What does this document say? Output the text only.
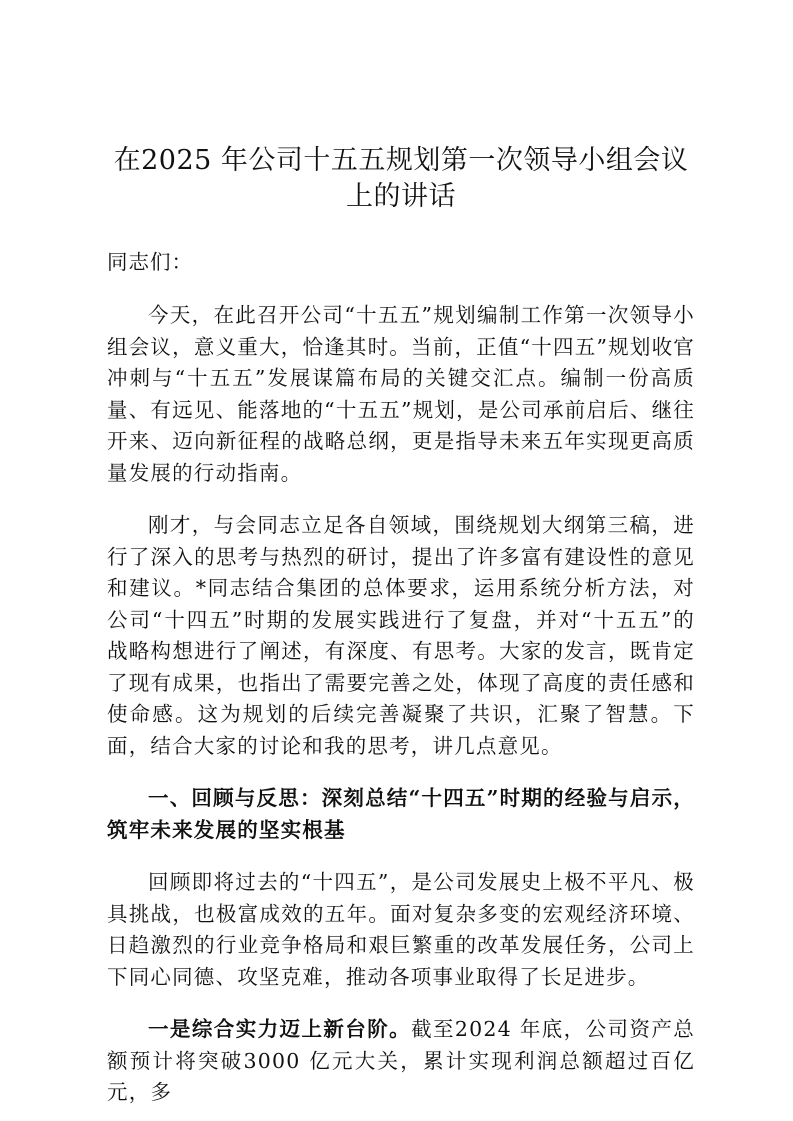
在2025 年公司十五五规划第一次领导小组会议上的讲话

同志们：

今天，在此召开公司“十五五”规划编制工作第一次领导小组会议，意义重大，恰逢其时。当前，正值“十四五”规划收官冲刺与“十五五”发展谋篇布局的关键交汇点。编制一份高质量、有远见、能落地的“十五五”规划，是公司承前启后、继往开来、迈向新征程的战略总纲，更是指导未来五年实现更高质量发展的行动指南。

刚才，与会同志立足各自领域，围绕规划大纲第三稿，进行了深入的思考与热烈的研讨，提出了许多富有建设性的意见和建议。*同志结合集团的总体要求，运用系统分析方法，对公司“十四五”时期的发展实践进行了复盘，并对“十五五”的战略构想进行了阐述，有深度、有思考。大家的发言，既肯定了现有成果，也指出了需要完善之处，体现了高度的责任感和使命感。这为规划的后续完善凝聚了共识，汇聚了智慧。下面，结合大家的讨论和我的思考，讲几点意见。

一、回顾与反思：深刻总结“十四五”时期的经验与启示，筑牢未来发展的坚实根基

回顾即将过去的“十四五”，是公司发展史上极不平凡、极具挑战，也极富成效的五年。面对复杂多变的宏观经济环境、日趋激烈的行业竞争格局和艰巨繁重的改革发展任务，公司上下同心同德、攻坚克难，推动各项事业取得了长足进步。

一是综合实力迈上新台阶。截至2024 年底，公司资产总额预计将突破3000 亿元大关，累计实现利润总额超过百亿元，多
